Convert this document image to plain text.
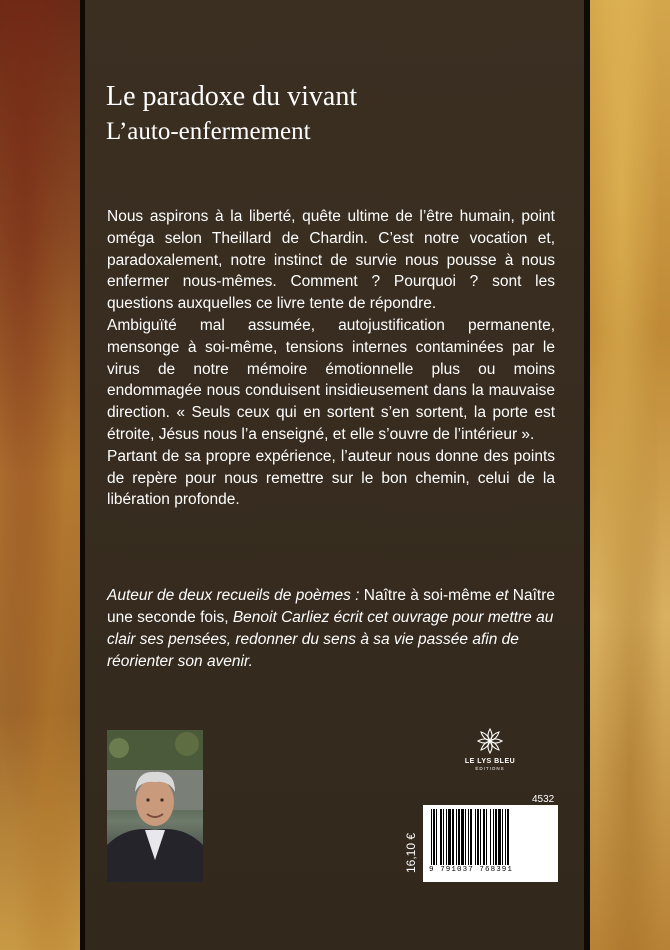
Le paradoxe du vivant
L’auto-enfermement

Nous aspirons à la liberté, quête ultime de l’être humain, point oméga selon Theillard de Chardin. C’est notre vocation et, paradoxalement, notre instinct de survie nous pousse à nous enfermer nous-mêmes. Comment ? Pourquoi ? sont les questions auxquelles ce livre tente de répondre.

Ambiguïté mal assumée, autojustification permanente, mensonge à soi-même, tensions internes contaminées par le virus de notre mémoire émotionnelle plus ou moins endommagée nous conduisent insidieusement dans la mauvaise direction. « Seuls ceux qui en sortent s’en sortent, la porte est étroite, Jésus nous l’a enseigné, et elle s’ouvre de l’intérieur ».

Partant de sa propre expérience, l’auteur nous donne des points de repère pour nous remettre sur le bon chemin, celui de la libération profonde.

Auteur de deux recueils de poèmes : Naître à soi-même et Naître une seconde fois, Benoit Carliez écrit cet ouvrage pour mettre au clair ses pensées, redonner du sens à sa vie passée afin de réorienter son avenir.
LE LYS BLEU
ÉDITIONS
4532
16,10 € 9 791037 768391
